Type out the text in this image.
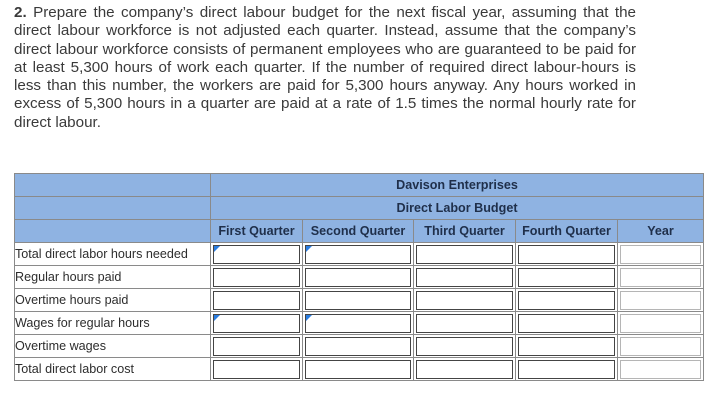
2. Prepare the company’s direct labour budget for the next fiscal year, assuming that the direct labour workforce is not adjusted each quarter. Instead, assume that the company’s direct labour workforce consists of permanent employees who are guaranteed to be paid for at least 5,300 hours of work each quarter. If the number of required direct labour-hours is less than this number, the workers are paid for 5,300 hours anyway. Any hours worked in excess of 5,300 hours in a quarter are paid at a rate of 1.5 times the normal hourly rate for direct labour.
	Davison Enterprises				
	Direct Labor Budget				
	First Quarter	Second Quarter	Third Quarter	Fourth Quarter	Year
Total direct labor hours needed	

Regular hours paid	

Overtime hours paid	

Wages for regular hours	

Overtime wages	

Total direct labor cost	
